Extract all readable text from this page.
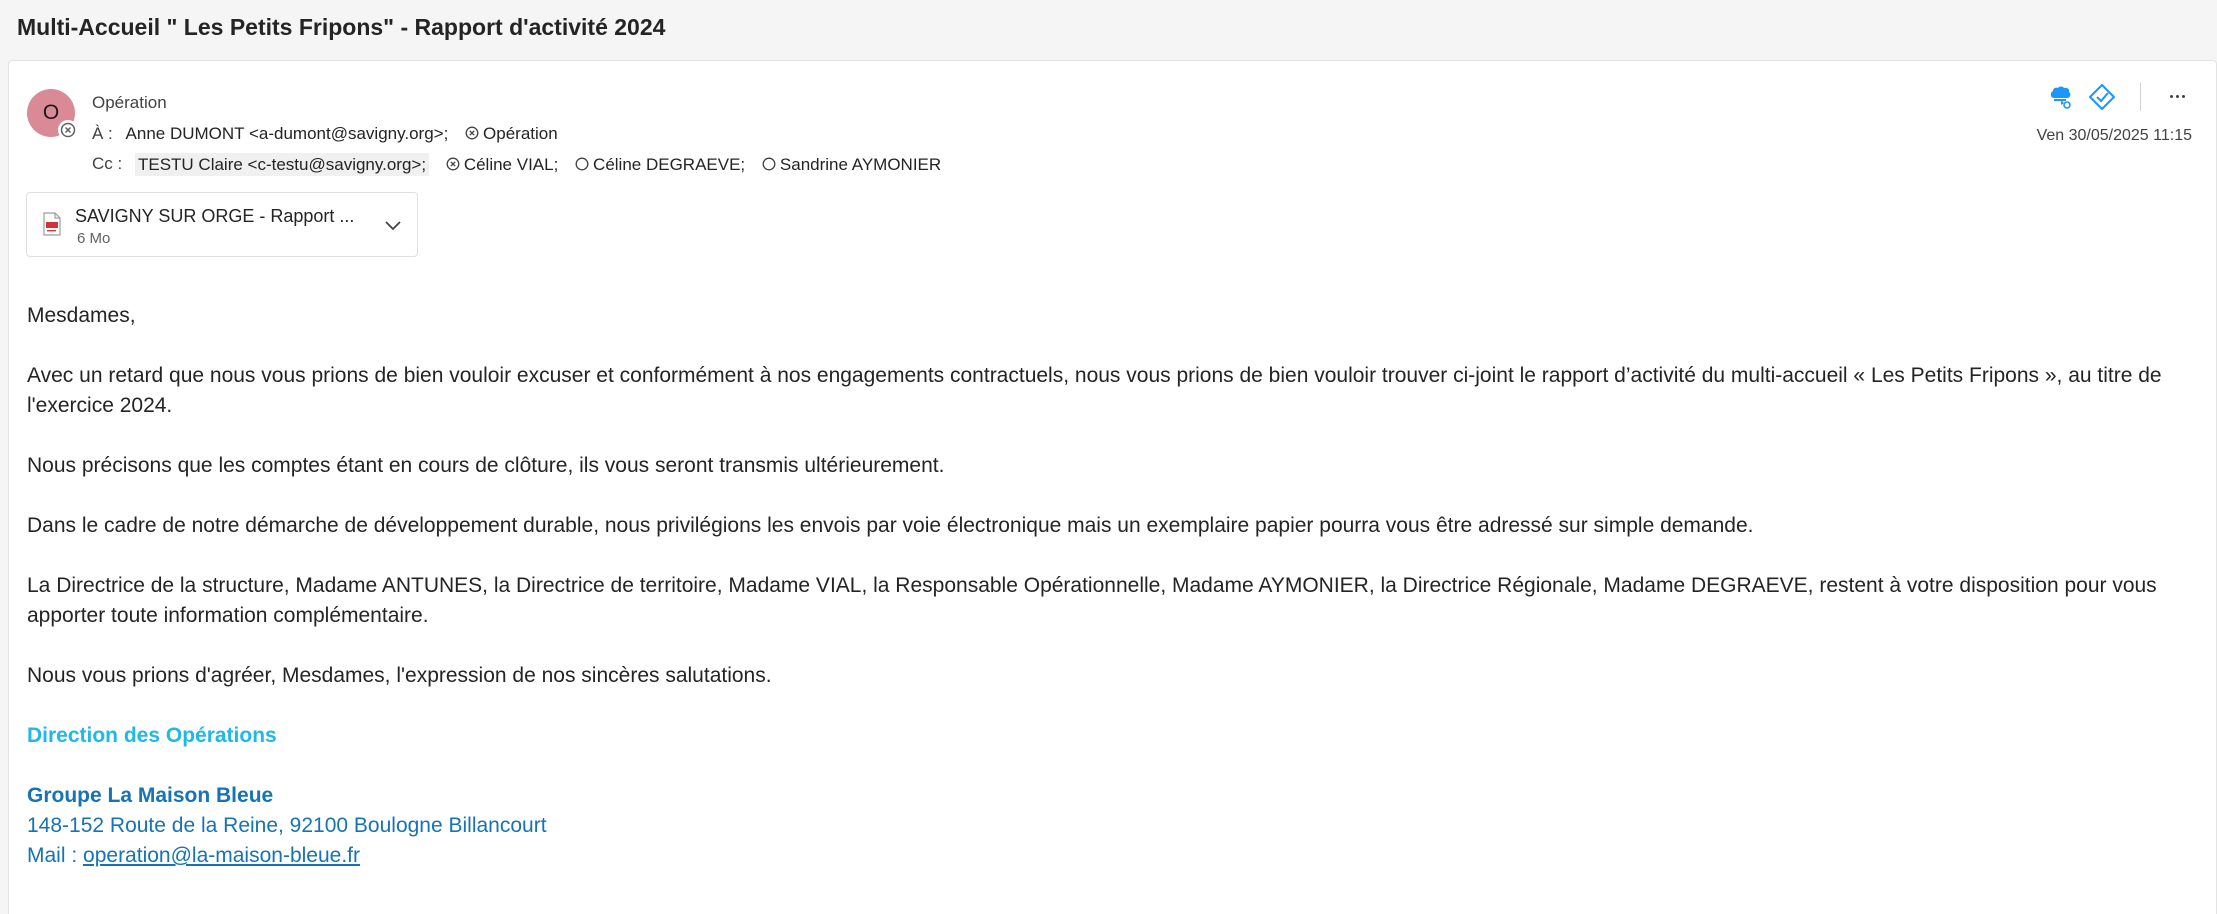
Multi-Accueil " Les Petits Fripons" - Rapport d'activité 2024
O	Opération
À : Anne DUMONT <a-dumont@savigny.org>; Opération
Cc : TESTU Claire <c-testu@savigny.org>; Céline VIAL; Céline DEGRAEVE; Sandrine AYMONIER
Ven 30/05/2025 11:15
SAVIGNY SUR ORGE - Rapport ...
6 Mo
Mesdames,
Avec un retard que nous vous prions de bien vouloir excuser et conformément à nos engagements contractuels, nous vous prions de bien vouloir trouver ci-joint le rapport d’activité du multi-accueil « Les Petits Fripons », au titre de l'exercice 2024.
Nous précisons que les comptes étant en cours de clôture, ils vous seront transmis ultérieurement.
Dans le cadre de notre démarche de développement durable, nous privilégions les envois par voie électronique mais un exemplaire papier pourra vous être adressé sur simple demande.
La Directrice de la structure, Madame ANTUNES, la Directrice de territoire, Madame VIAL, la Responsable Opérationnelle, Madame AYMONIER, la Directrice Régionale, Madame DEGRAEVE, restent à votre disposition pour vous apporter toute information complémentaire.
Nous vous prions d'agréer, Mesdames, l'expression de nos sincères salutations.
Direction des Opérations
Groupe La Maison Bleue
148-152 Route de la Reine, 92100 Boulogne Billancourt
Mail : operation@la-maison-bleue.fr
